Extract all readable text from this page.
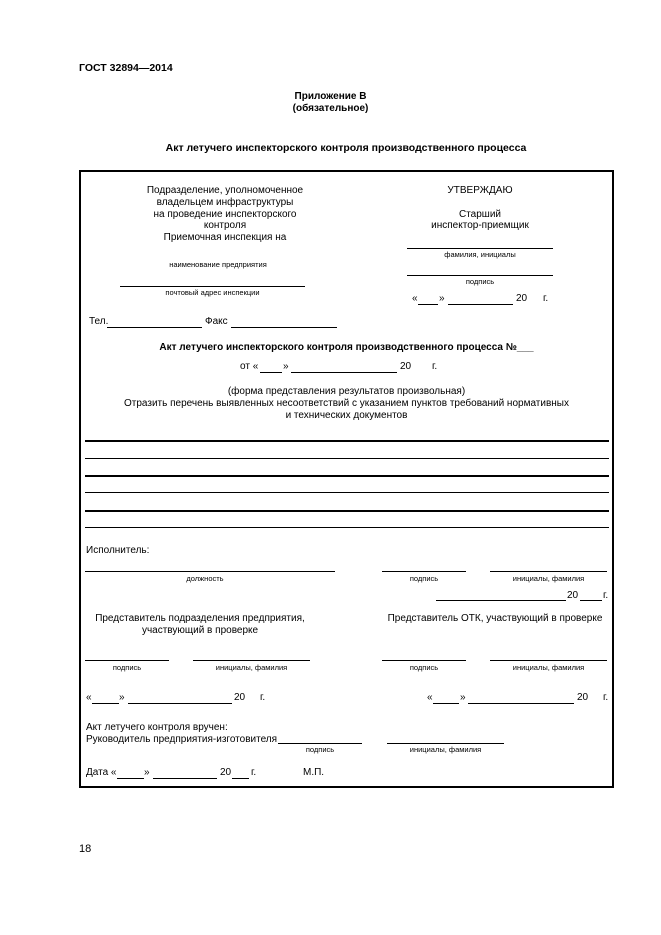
ГОСТ 32894—2014
Приложение В
(обязательное)
Акт летучего инспекторского контроля производственного процесса
Подразделение, уполномоченное
владельцем инфраструктуры
на проведение инспекторского
контроля
Приемочная инспекция на
наименование предприятия
почтовый адрес инспекции
УТВЕРЖДАЮ
Старший
инспектор-приемщик
фамилия, инициалы
подпись
« »	20 г.
Тел.	Факс
Акт летучего инспекторского контроля производственного процесса №___
от « »	20 г.
(форма представления результатов произвольная)
Отразить перечень выявленных несоответствий с указанием пунктов требований нормативных
и технических документов
Исполнитель:
должность	подпись	инициалы, фамилия
20 г.
Представитель подразделения предприятия,
участвующий в проверке
Представитель ОТК, участвующий в проверке
подпись	инициалы, фамилия	подпись	инициалы, фамилия
«	»	20 г.	«	»	20 г.
Акт летучего контроля вручен:
Руководитель предприятия-изготовителя
подпись	инициалы, фамилия
Дата «	»	20 г.	М.П.
18
